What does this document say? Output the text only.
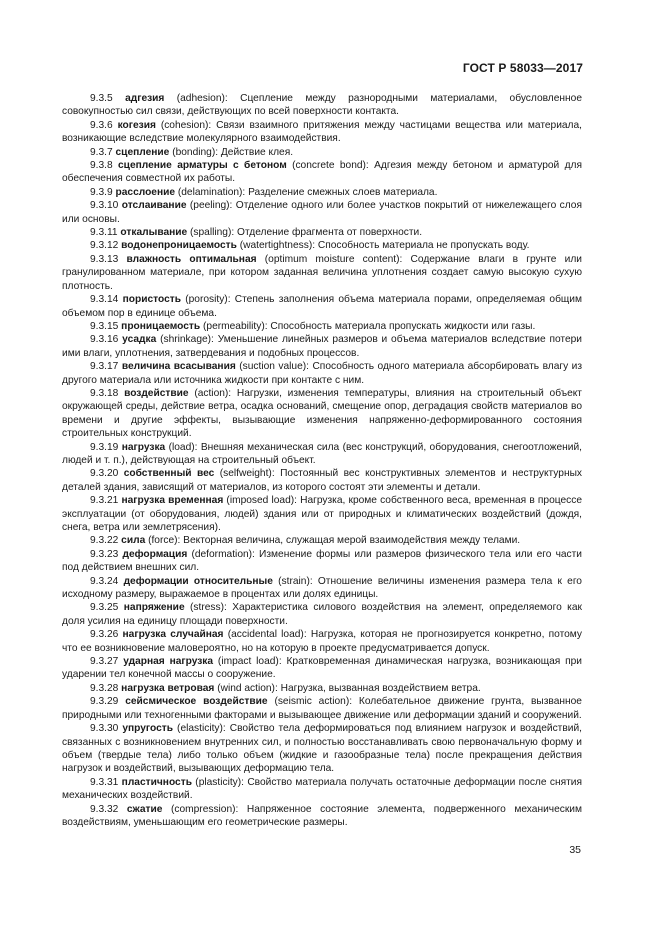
ГОСТ Р 58033—2017

9.3.5 адгезия (adhesion): Сцепление между разнородными материалами, обусловленное совокупностью сил связи, действующих по всей поверхности контакта.

9.3.6 когезия (cohesion): Связи взаимного притяжения между частицами вещества или материала, возникающие вследствие молекулярного взаимодействия.

9.3.7 сцепление (bonding): Действие клея.

9.3.8 сцепление арматуры с бетоном (concrete bond): Адгезия между бетоном и арматурой для обеспечения совместной их работы.

9.3.9 расслоение (delamination): Разделение смежных слоев материала.

9.3.10 отслаивание (peeling): Отделение одного или более участков покрытий от нижележащего слоя или основы.

9.3.11 откалывание (spalling): Отделение фрагмента от поверхности.

9.3.12 водонепроницаемость (watertightness): Способность материала не пропускать воду.

9.3.13 влажность оптимальная (optimum moisture content): Содержание влаги в грунте или гранулированном материале, при котором заданная величина уплотнения создает самую высокую сухую плотность.

9.3.14 пористость (porosity): Степень заполнения объема материала порами, определяемая общим объемом пор в единице объема.

9.3.15 проницаемость (permeability): Способность материала пропускать жидкости или газы.

9.3.16 усадка (shrinkage): Уменьшение линейных размеров и объема материалов вследствие потери ими влаги, уплотнения, затвердевания и подобных процессов.

9.3.17 величина всасывания (suction value): Способность одного материала абсорбировать влагу из другого материала или источника жидкости при контакте с ним.

9.3.18 воздействие (action): Нагрузки, изменения температуры, влияния на строительный объект окружающей среды, действие ветра, осадка оснований, смещение опор, деградация свойств материалов во времени и другие эффекты, вызывающие изменения напряженно-деформированного состояния строительных конструкций.

9.3.19 нагрузка (load): Внешняя механическая сила (вес конструкций, оборудования, снегоотложений, людей и т. п.), действующая на строительный объект.

9.3.20 собственный вес (selfweight): Постоянный вес конструктивных элементов и неструктурных деталей здания, зависящий от материалов, из которого состоят эти элементы и детали.

9.3.21 нагрузка временная (imposed load): Нагрузка, кроме собственного веса, временная в процессе эксплуатации (от оборудования, людей) здания или от природных и климатических воздействий (дождя, снега, ветра или землетрясения).

9.3.22 сила (force): Векторная величина, служащая мерой взаимодействия между телами.

9.3.23 деформация (deformation): Изменение формы или размеров физического тела или его части под действием внешних сил.

9.3.24 деформации относительные (strain): Отношение величины изменения размера тела к его исходному размеру, выражаемое в процентах или долях единицы.

9.3.25 напряжение (stress): Характеристика силового воздействия на элемент, определяемого как доля усилия на единицу площади поверхности.

9.3.26 нагрузка случайная (accidental load): Нагрузка, которая не прогнозируется конкретно, потому что ее возникновение маловероятно, но на которую в проекте предусматривается допуск.

9.3.27 ударная нагрузка (impact load): Кратковременная динамическая нагрузка, возникающая при ударении тел конечной массы о сооружение.

9.3.28 нагрузка ветровая (wind action): Нагрузка, вызванная воздействием ветра.

9.3.29 сейсмическое воздействие (seismic action): Колебательное движение грунта, вызванное природными или техногенными факторами и вызывающее движение или деформации зданий и сооружений.

9.3.30 упругость (elasticity): Свойство тела деформироваться под влиянием нагрузок и воздействий, связанных с возникновением внутренних сил, и полностью восстанавливать свою первоначальную форму и объем (твердые тела) либо только объем (жидкие и газообразные тела) после прекращения действия нагрузок и воздействий, вызывающих деформацию тела.

9.3.31 пластичность (plasticity): Свойство материала получать остаточные деформации после снятия механических воздействий.

9.3.32 сжатие (compression): Напряженное состояние элемента, подверженного механическим воздействиям, уменьшающим его геометрические размеры.

35
